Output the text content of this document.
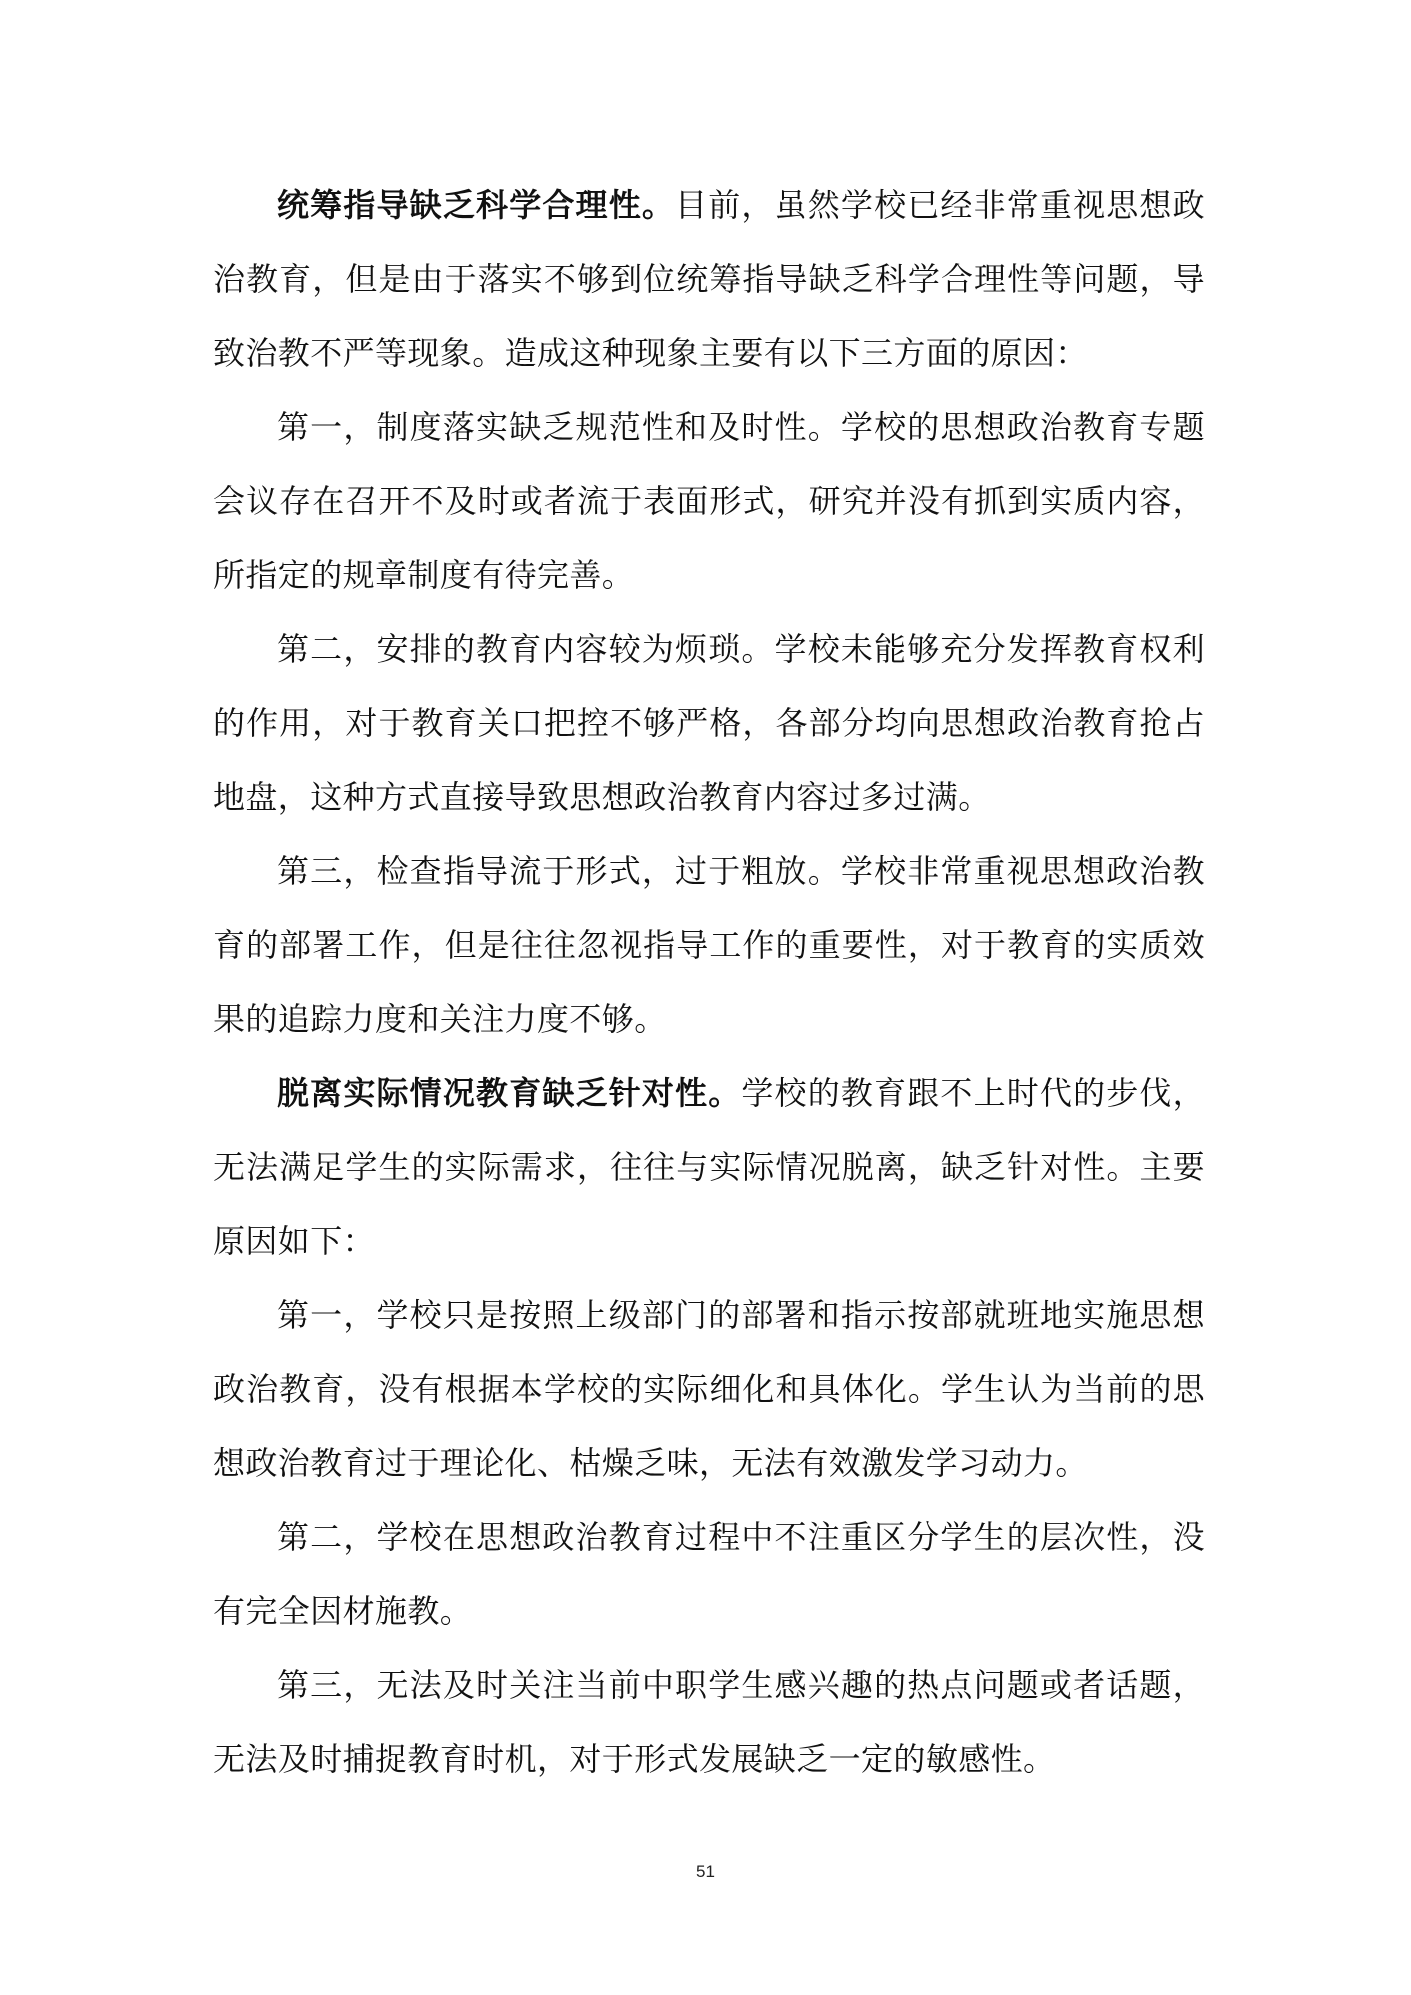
统筹指导缺乏科学合理性。目前，虽然学校已经非常重视思想政治教育，但是由于落实不够到位统筹指导缺乏科学合理性等问题，导致治教不严等现象。造成这种现象主要有以下三方面的原因：

第一，制度落实缺乏规范性和及时性。学校的思想政治教育专题会议存在召开不及时或者流于表面形式，研究并没有抓到实质内容，所指定的规章制度有待完善。

第二，安排的教育内容较为烦琐。学校未能够充分发挥教育权利的作用，对于教育关口把控不够严格，各部分均向思想政治教育抢占地盘，这种方式直接导致思想政治教育内容过多过满。

第三，检查指导流于形式，过于粗放。学校非常重视思想政治教育的部署工作，但是往往忽视指导工作的重要性，对于教育的实质效果的追踪力度和关注力度不够。

脱离实际情况教育缺乏针对性。学校的教育跟不上时代的步伐，无法满足学生的实际需求，往往与实际情况脱离，缺乏针对性。主要原因如下：

第一，学校只是按照上级部门的部署和指示按部就班地实施思想政治教育，没有根据本学校的实际细化和具体化。学生认为当前的思想政治教育过于理论化、枯燥乏味，无法有效激发学习动力。

第二，学校在思想政治教育过程中不注重区分学生的层次性，没有完全因材施教。

第三，无法及时关注当前中职学生感兴趣的热点问题或者话题，无法及时捕捉教育时机，对于形式发展缺乏一定的敏感性。

51
